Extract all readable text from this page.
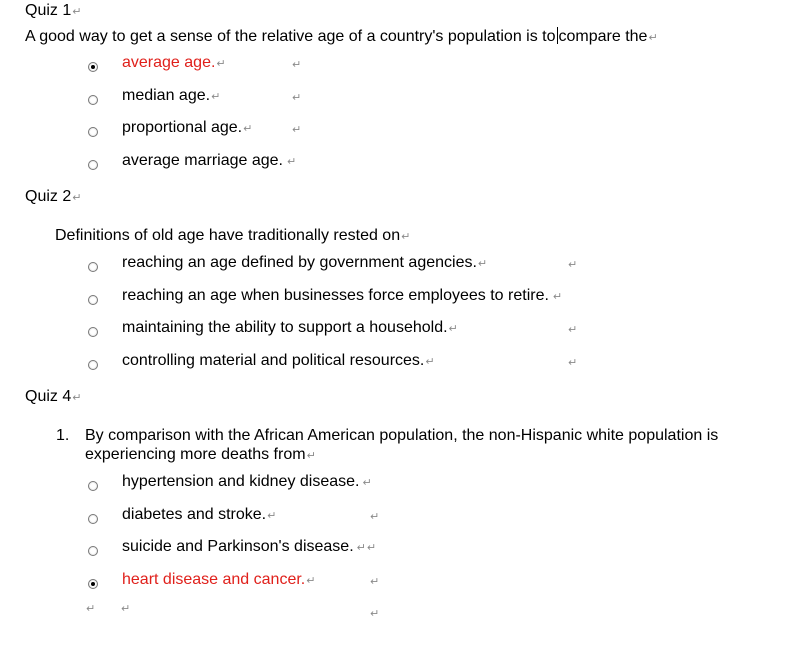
Quiz 1↵
A good way to get a sense of the relative age of a country's population is to compare the↵
average age.↵	↵
median age.↵	↵
proportional age.↵	↵
average marriage age. ↵
Quiz 2↵
Definitions of old age have traditionally rested on↵
reaching an age defined by government agencies.↵	↵
reaching an age when businesses force employees to retire. ↵
maintaining the ability to support a household.↵	↵
controlling material and political resources.↵	↵
Quiz 4↵
1. By comparison with the African American population, the non-Hispanic white population is
experiencing more deaths from↵
hypertension and kidney disease. ↵
diabetes and stroke.↵	↵
suicide and Parkinson's disease. ↵↵
heart disease and cancer.↵	↵
↵ ↵	↵
